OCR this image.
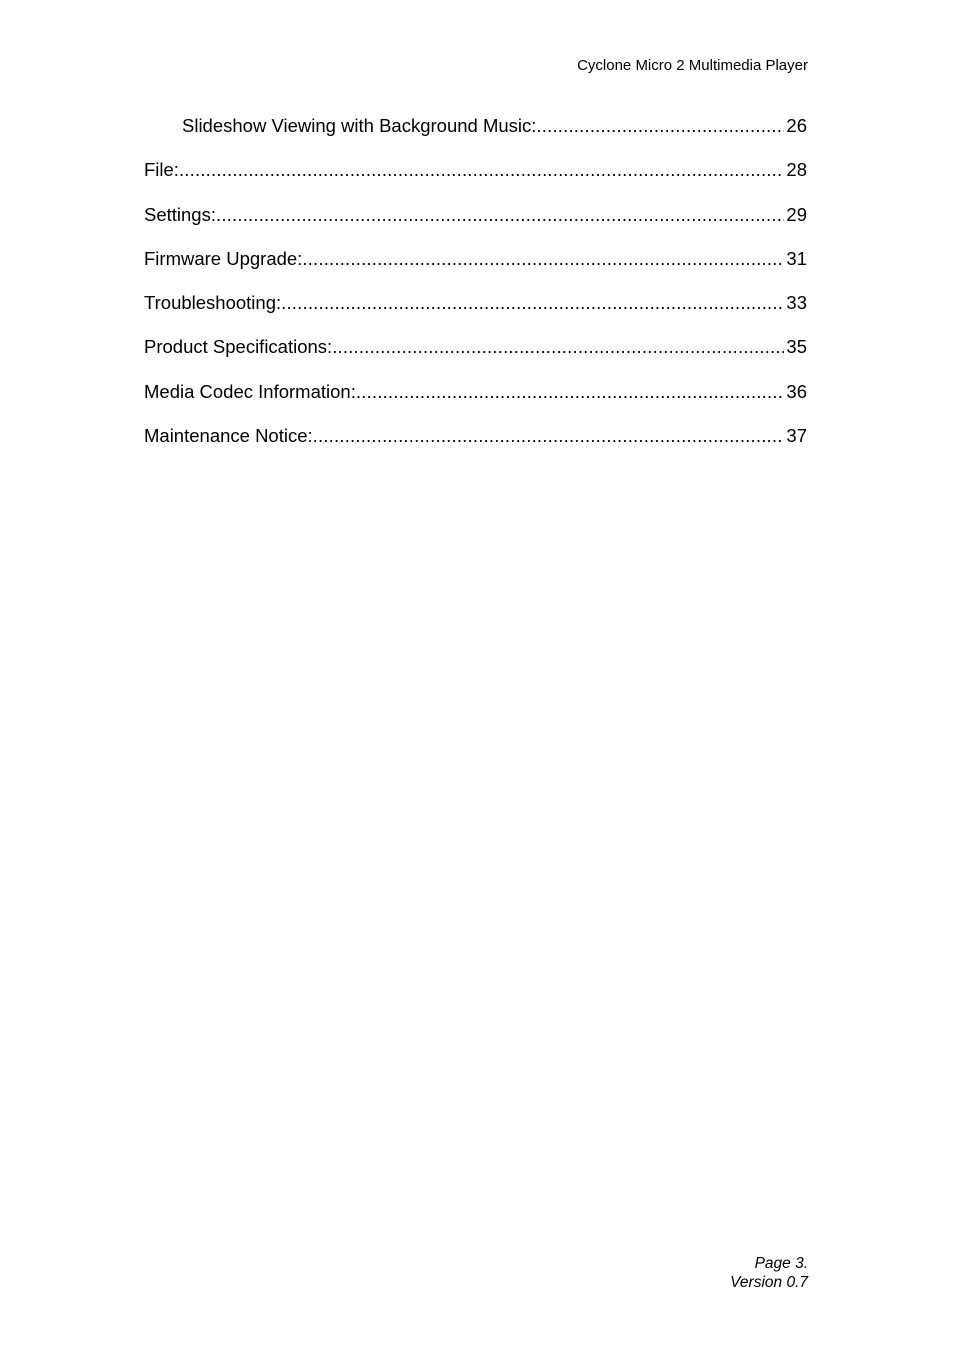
Cyclone Micro 2 Multimedia Player
Slideshow Viewing with Background Music: .....	26
File: .....	28
Settings: .....	29
Firmware Upgrade: .....	31
Troubleshooting: .....	33
Product Specifications: .....	35
Media Codec Information: .....	36
Maintenance Notice: .....	37
Page 3.
Version 0.7
